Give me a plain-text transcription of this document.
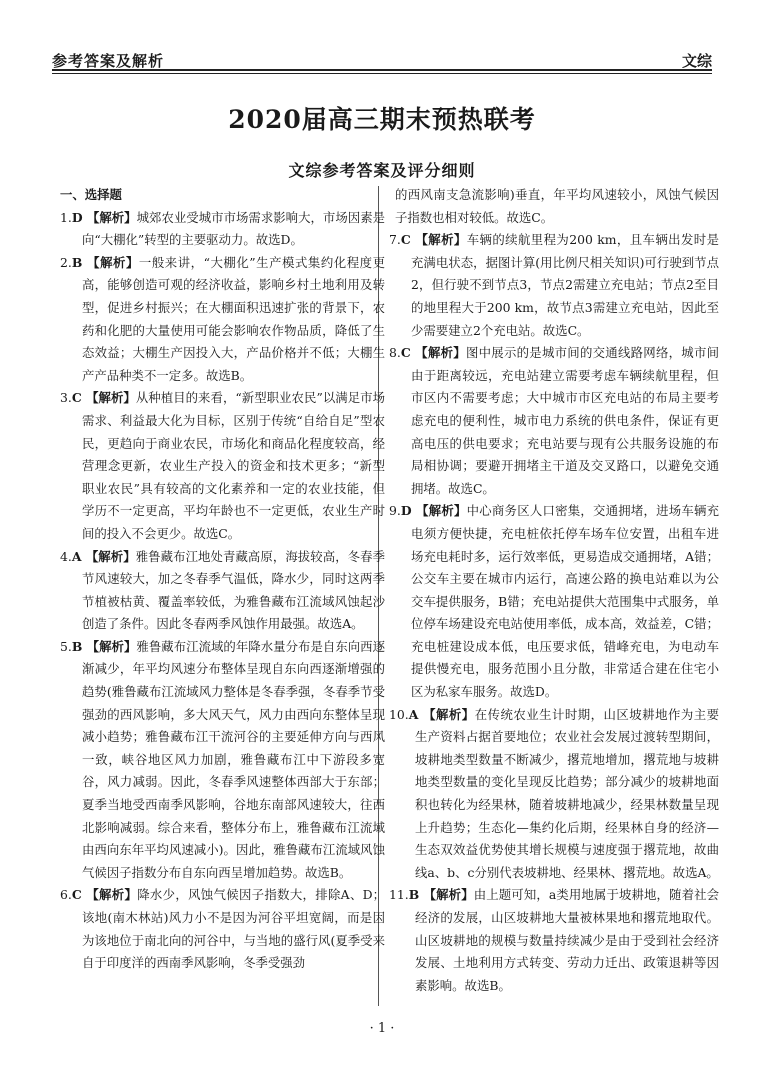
参考答案及解析	文综
2020届高三期末预热联考
文综参考答案及评分细则

一、选择题

1.D 【解析】城郊农业受城市市场需求影响大，市场因素是向“大棚化”转型的主要驱动力。故选D。

2.B 【解析】一般来讲，“大棚化”生产模式集约化程度更高，能够创造可观的经济收益，影响乡村土地利用及转型，促进乡村振兴；在大棚面积迅速扩张的背景下，农药和化肥的大量使用可能会影响农作物品质，降低了生态效益；大棚生产因投入大，产品价格并不低；大棚生产产品种类不一定多。故选B。

3.C 【解析】从种植目的来看，“新型职业农民”以满足市场需求、利益最大化为目标，区别于传统“自给自足”型农民，更趋向于商业农民，市场化和商品化程度较高，经营理念更新，农业生产投入的资金和技术更多；“新型职业农民”具有较高的文化素养和一定的农业技能，但学历不一定更高，平均年龄也不一定更低，农业生产时间的投入不会更少。故选C。

4.A 【解析】雅鲁藏布江地处青藏高原，海拔较高，冬春季节风速较大，加之冬春季气温低，降水少，同时这两季节植被枯黄、覆盖率较低，为雅鲁藏布江流域风蚀起沙创造了条件。因此冬春两季风蚀作用最强。故选A。

5.B 【解析】雅鲁藏布江流域的年降水量分布是自东向西逐渐减少，年平均风速分布整体呈现自东向西逐渐增强的趋势(雅鲁藏布江流域风力整体是冬春季强，冬春季节受强劲的西风影响，多大风天气，风力由西向东整体呈现减小趋势；雅鲁藏布江干流河谷的主要延伸方向与西风一致，峡谷地区风力加剧，雅鲁藏布江中下游段多宽谷，风力减弱。因此，冬春季风速整体西部大于东部；夏季当地受西南季风影响，谷地东南部风速较大，往西北影响减弱。综合来看，整体分布上，雅鲁藏布江流域由西向东年平均风速减小)。因此，雅鲁藏布江流域风蚀气候因子指数分布自东向西呈增加趋势。故选B。

6.C 【解析】降水少，风蚀气候因子指数大，排除A、D；该地(南木林站)风力小不是因为河谷平坦宽阔，而是因为该地位于南北向的河谷中，与当地的盛行风(夏季受来自于印度洋的西南季风影响，冬季受强劲

的西风南支急流影响)垂直，年平均风速较小，风蚀气候因子指数也相对较低。故选C。

7.C 【解析】车辆的续航里程为200 km，且车辆出发时是充满电状态，据图计算(用比例尺相关知识)可行驶到节点2，但行驶不到节点3，节点2需建立充电站；节点2至目的地里程大于200 km，故节点3需建立充电站，因此至少需要建立2个充电站。故选C。

8.C 【解析】图中展示的是城市间的交通线路网络，城市间由于距离较远，充电站建立需要考虑车辆续航里程，但市区内不需要考虑；大中城市市区充电站的布局主要考虑充电的便利性，城市电力系统的供电条件，保证有更高电压的供电要求；充电站要与现有公共服务设施的布局相协调；要避开拥堵主干道及交叉路口，以避免交通拥堵。故选C。

9.D 【解析】中心商务区人口密集，交通拥堵，进场车辆充电须方便快捷，充电桩依托停车场车位安置，出租车进场充电耗时多，运行效率低，更易造成交通拥堵，A错；公交车主要在城市内运行，高速公路的换电站难以为公交车提供服务，B错；充电站提供大范围集中式服务，单位停车场建设充电站使用率低，成本高，效益差，C错；充电桩建设成本低，电压要求低，错峰充电，为电动车提供慢充电，服务范围小且分散，非常适合建在住宅小区为私家车服务。故选D。

10.A 【解析】在传统农业生计时期，山区坡耕地作为主要生产资料占据首要地位；农业社会发展过渡转型期间，坡耕地类型数量不断减少，撂荒地增加，撂荒地与坡耕地类型数量的变化呈现反比趋势；部分减少的坡耕地面积也转化为经果林，随着坡耕地减少，经果林数量呈现上升趋势；生态化—集约化后期，经果林自身的经济—生态双效益优势使其增长规模与速度强于撂荒地，故曲线a、b、c分别代表坡耕地、经果林、撂荒地。故选A。

11.B 【解析】由上题可知，a类用地属于坡耕地，随着社会经济的发展，山区坡耕地大量被林果地和撂荒地取代。山区坡耕地的规模与数量持续减少是由于受到社会经济发展、土地利用方式转变、劳动力迁出、政策退耕等因素影响。故选B。

· 1 ·
